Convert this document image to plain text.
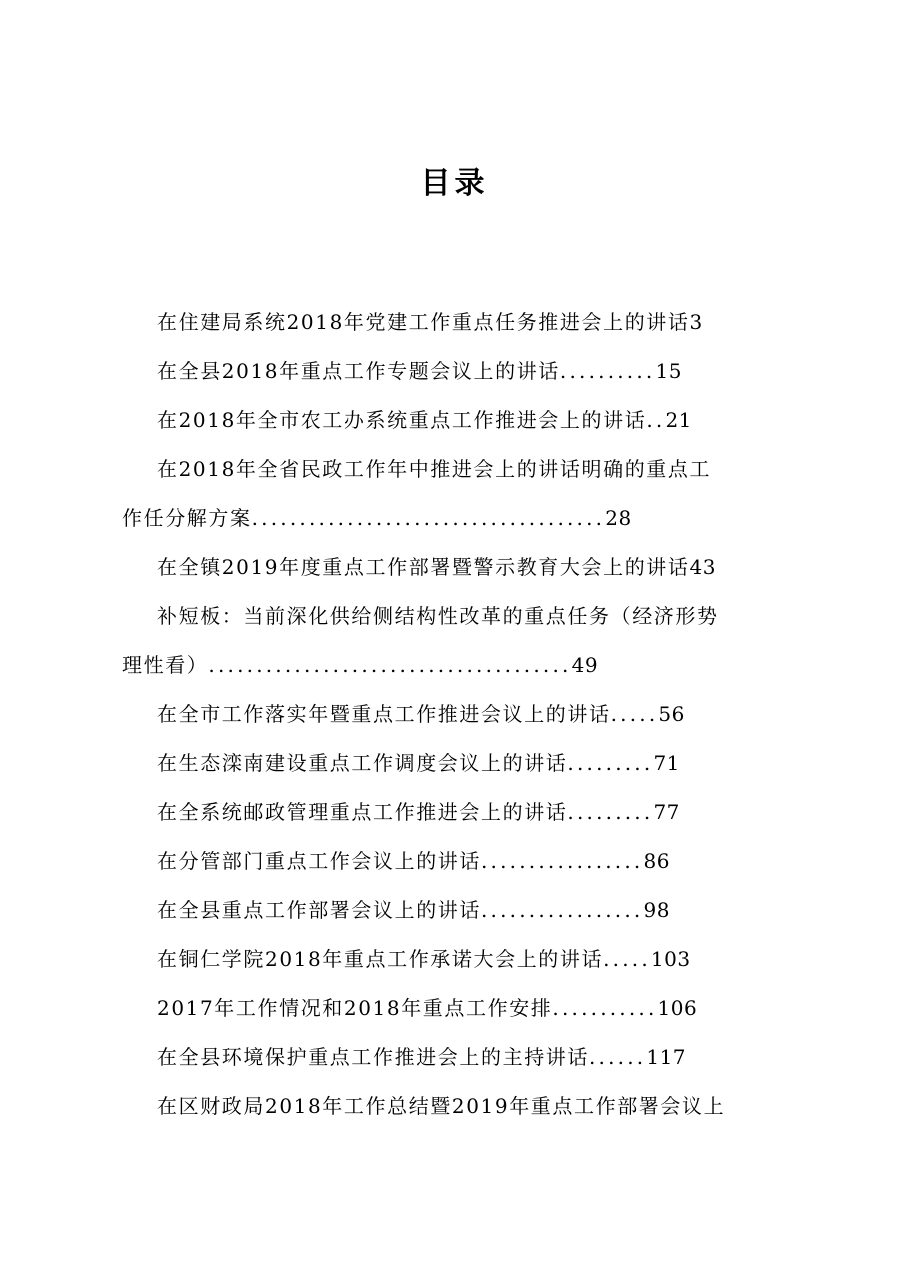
目录
在住建局系统2018年党建工作重点任务推进会上的讲话3
在全县2018年重点工作专题会议上的讲话..........15
在2018年全市农工办系统重点工作推进会上的讲话..21
在2018年全省民政工作年中推进会上的讲话明确的重点工
作任分解方案.....................................28
在全镇2019年度重点工作部署暨警示教育大会上的讲话43
补短板：当前深化供给侧结构性改革的重点任务（经济形势
理性看）......................................49
在全市工作落实年暨重点工作推进会议上的讲话.....56
在生态滦南建设重点工作调度会议上的讲话.........71
在全系统邮政管理重点工作推进会上的讲话.........77
在分管部门重点工作会议上的讲话.................86
在全县重点工作部署会议上的讲话.................98
在铜仁学院2018年重点工作承诺大会上的讲话.....103
2017年工作情况和2018年重点工作安排...........106
在全县环境保护重点工作推进会上的主持讲话......117
在区财政局2018年工作总结暨2019年重点工作部署会议上
